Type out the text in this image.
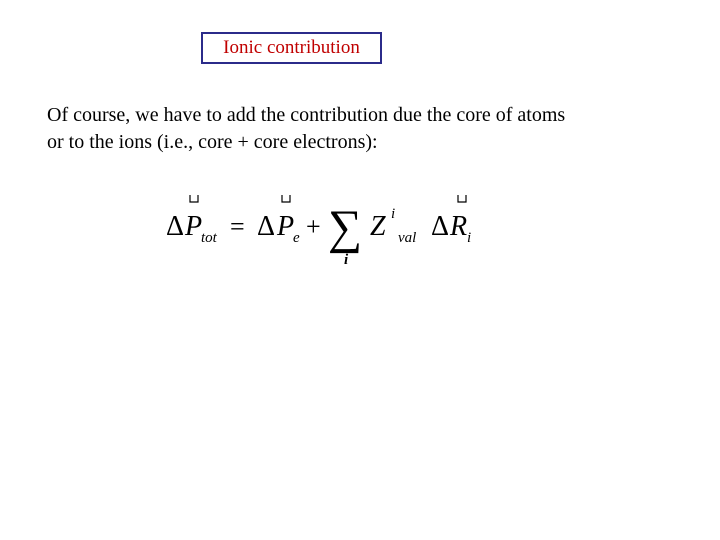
Ionic contribution
Of course, we have to add the contribution due the core of atoms
or to the ions (i.e., core + core electrons):
Δ P
tot = Δ P
e + ∑
i
Z i
val Δ R i
